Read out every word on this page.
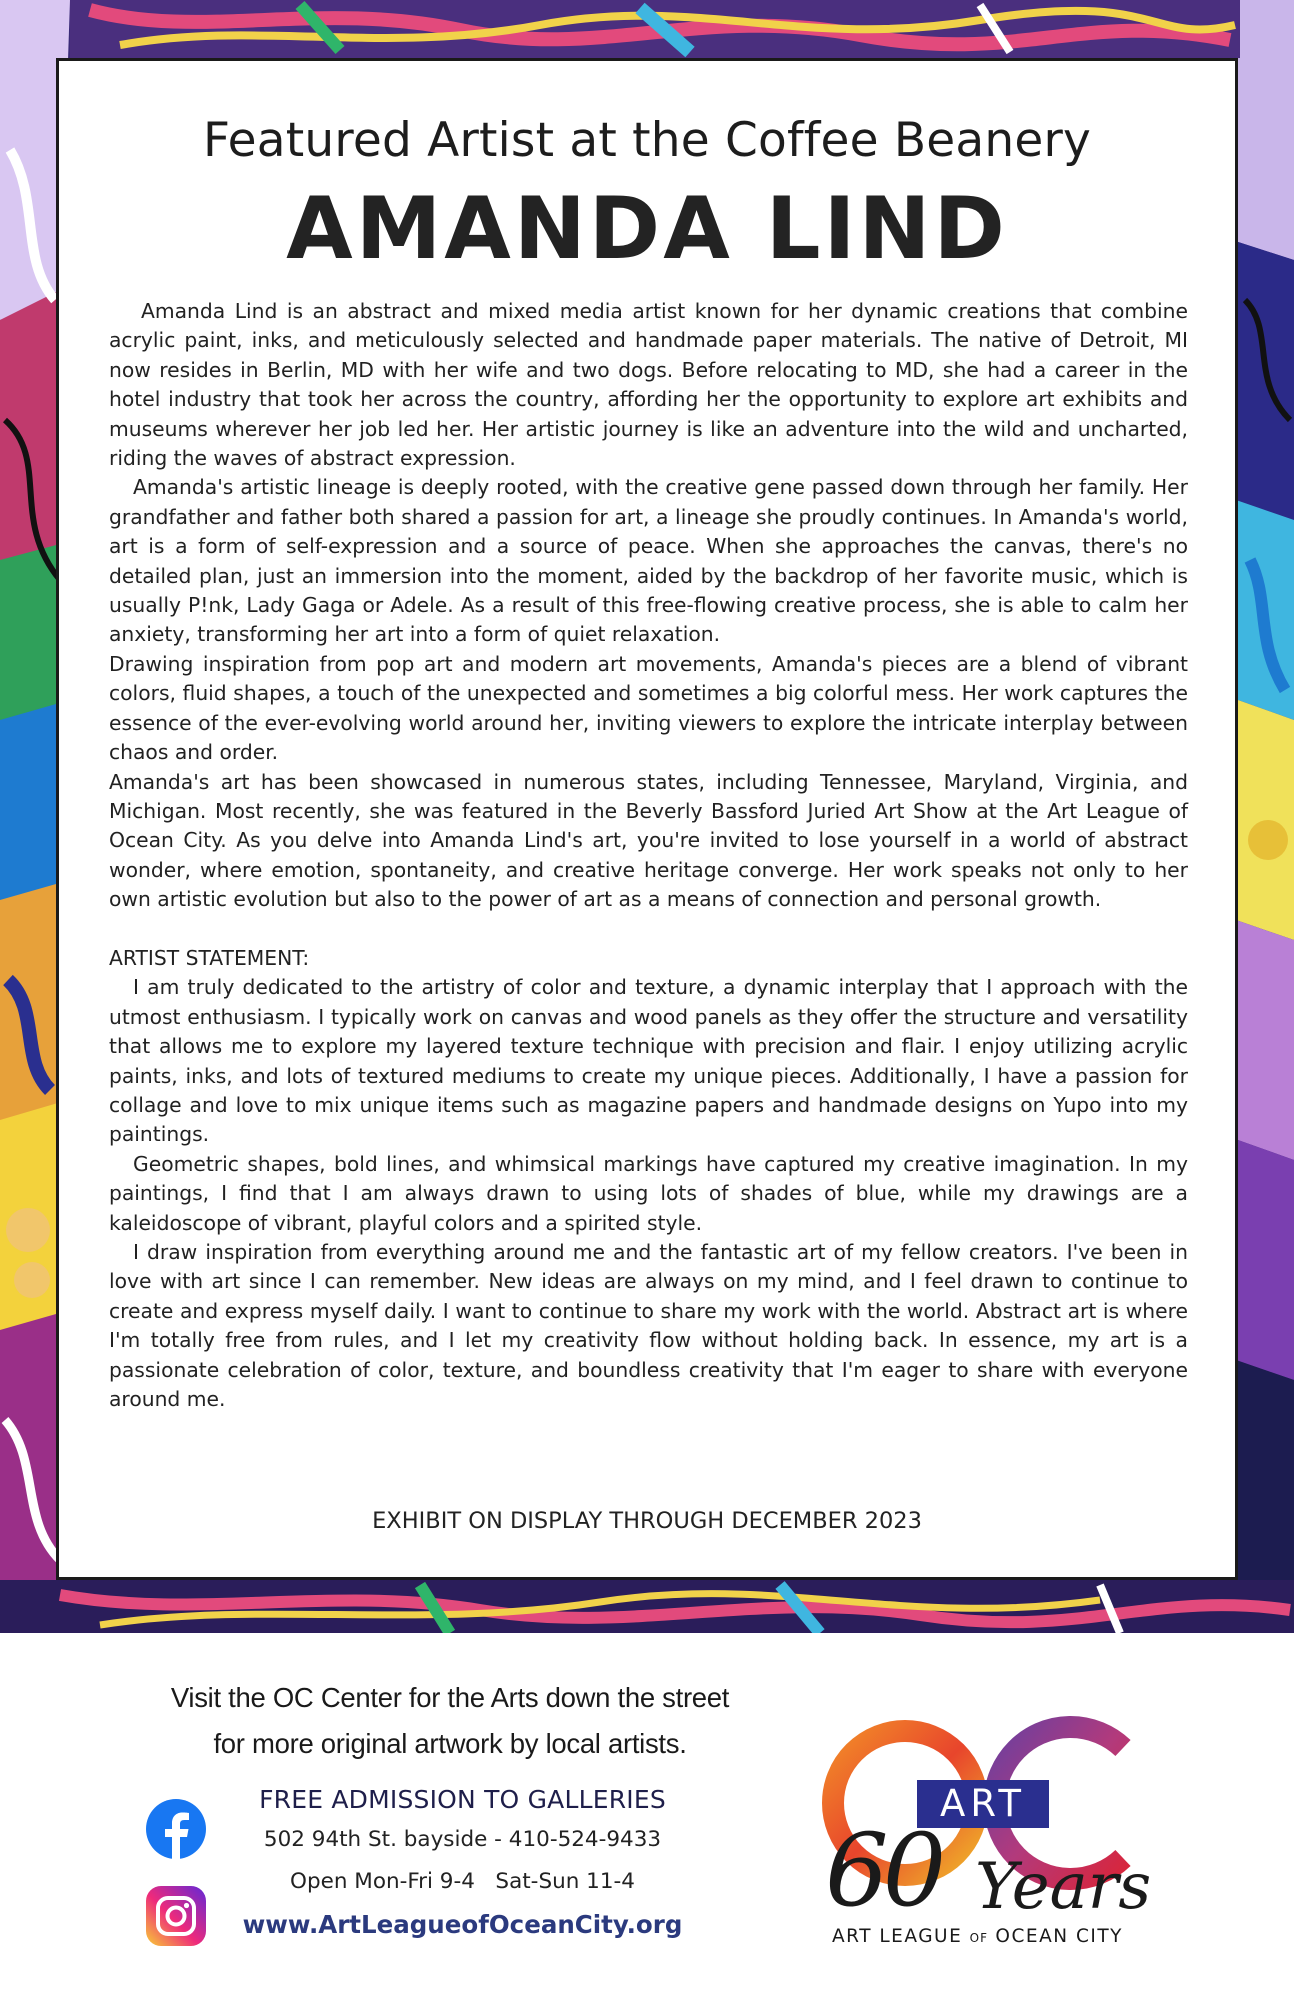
Featured Artist at the Coffee Beanery
AMANDA LIND

Amanda Lind is an abstract and mixed media artist known for her dynamic creations that combine acrylic paint, inks, and meticulously selected and handmade paper materials. The native of Detroit, MI now resides in Berlin, MD with her wife and two dogs. Before relocating to MD, she had a career in the hotel industry that took her across the country, affording her the opportunity to explore art exhibits and museums wherever her job led her. Her artistic journey is like an adventure into the wild and uncharted, riding the waves of abstract expression.

Amanda's artistic lineage is deeply rooted, with the creative gene passed down through her family. Her grandfather and father both shared a passion for art, a lineage she proudly continues. In Amanda's world, art is a form of self-expression and a source of peace. When she approaches the canvas, there's no detailed plan, just an immersion into the moment, aided by the backdrop of her favorite music, which is usually P!nk, Lady Gaga or Adele. As a result of this free-flowing creative process, she is able to calm her anxiety, transforming her art into a form of quiet relaxation.

Drawing inspiration from pop art and modern art movements, Amanda's pieces are a blend of vibrant colors, fluid shapes, a touch of the unexpected and sometimes a big colorful mess. Her work captures the essence of the ever-evolving world around her, inviting viewers to explore the intricate interplay between chaos and order.

Amanda's art has been showcased in numerous states, including Tennessee, Maryland, Virginia, and Michigan. Most recently, she was featured in the Beverly Bassford Juried Art Show at the Art League of Ocean City. As you delve into Amanda Lind's art, you're invited to lose yourself in a world of abstract wonder, where emotion, spontaneity, and creative heritage converge. Her work speaks not only to her own artistic evolution but also to the power of art as a means of connection and personal growth.

ARTIST STATEMENT:

I am truly dedicated to the artistry of color and texture, a dynamic interplay that I approach with the utmost enthusiasm. I typically work on canvas and wood panels as they offer the structure and versatility that allows me to explore my layered texture technique with precision and flair. I enjoy utilizing acrylic paints, inks, and lots of textured mediums to create my unique pieces. Additionally, I have a passion for collage and love to mix unique items such as magazine papers and handmade designs on Yupo into my paintings.

Geometric shapes, bold lines, and whimsical markings have captured my creative imagination. In my paintings, I find that I am always drawn to using lots of shades of blue, while my drawings are a kaleidoscope of vibrant, playful colors and a spirited style.

I draw inspiration from everything around me and the fantastic art of my fellow creators. I've been in love with art since I can remember. New ideas are always on my mind, and I feel drawn to continue to create and express myself daily. I want to continue to share my work with the world. Abstract art is where I'm totally free from rules, and I let my creativity flow without holding back. In essence, my art is a passionate celebration of color, texture, and boundless creativity that I'm eager to share with everyone around me.

EXHIBIT ON DISPLAY THROUGH DECEMBER 2023
Visit the OC Center for the Arts down the street
for more original artwork by local artists.
FREE ADMISSION TO GALLERIES
502 94th St. bayside - 410-524-9433
Open Mon-Fri 9-4   Sat-Sun 11-4
www.ArtLeagueofOceanCity.org
ART
60 Years
ART LEAGUE OF OCEAN CITY
